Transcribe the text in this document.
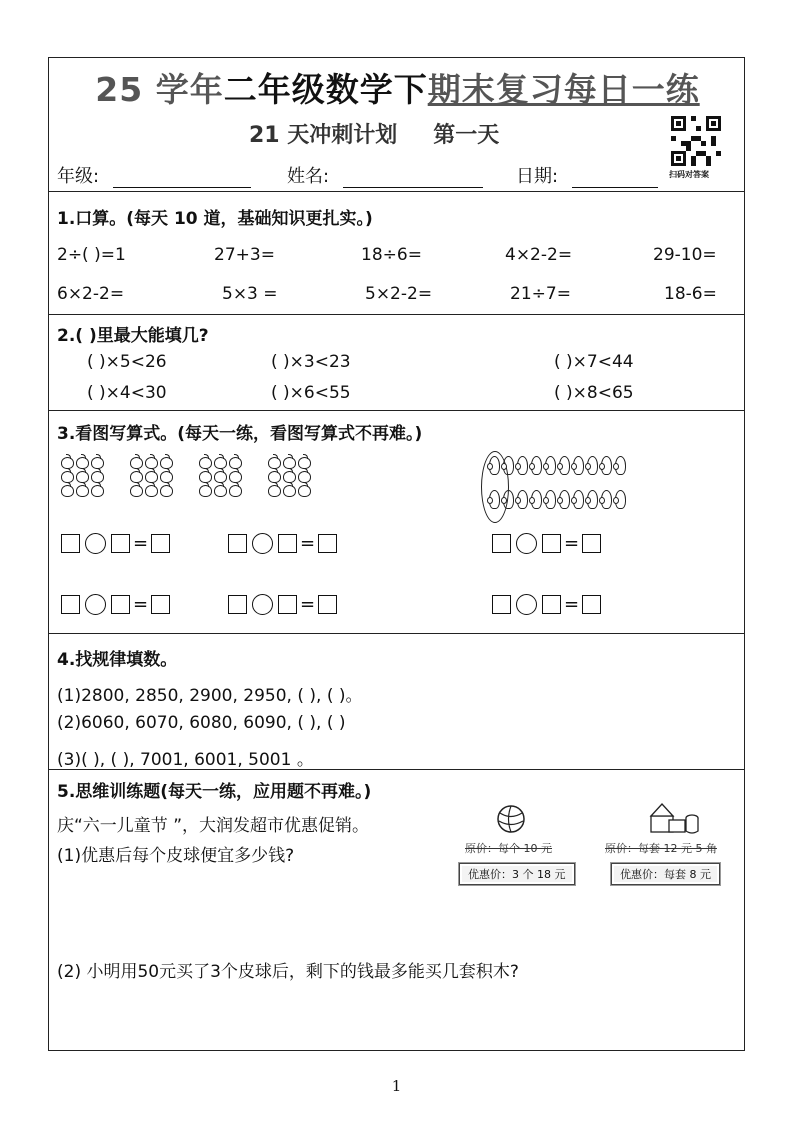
25 学年二年级数学下期末复习每日一练
21 天冲刺计划 第一天
扫码对答案
年级:	姓名:	日期:
1.口算。(每天 10 道，基础知识更扎实。)
2÷( )=1	27+3=	18÷6=	4×2-2=	29-10=
6×2-2=	5×3 =	5×2-2=	21÷7=	18-6=
2.( )里最大能填几?
( )×5<26	( )×3<23	( )×7<44
( )×4<30	( )×6<55	( )×8<65
3.看图写算式。(每天一练，看图写算式不再难。)
=	=	=
=	=	=
4.找规律填数。
(1)2800, 2850, 2900, 2950, ( ), ( )。
(2)6060, 6070, 6080, 6090, ( ), ( )
(3)( ), ( ), 7001, 6001, 5001 。
5.思维训练题(每天一练，应用题不再难。)
庆“六一儿童节 ”，大润发超市优惠促销。
(1)优惠后每个皮球便宜多少钱?	原价：每个 10 元
优惠价：3 个 18 元
原价：每套 12 元 5 角
优惠价：每套 8 元
(2) 小明用50元买了3个皮球后，剩下的钱最多能买几套积木?
1
